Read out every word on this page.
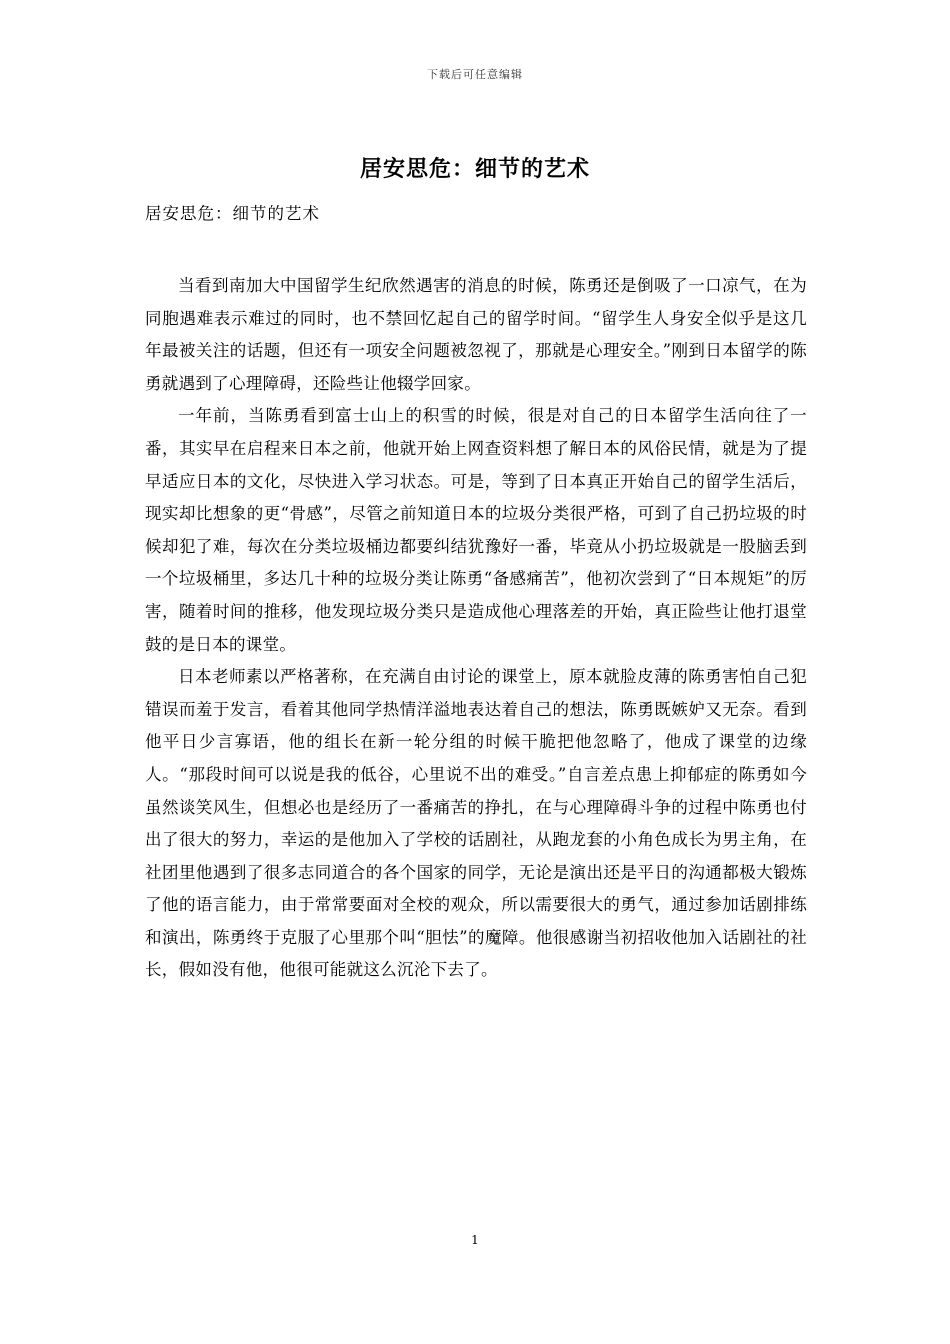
下载后可任意编辑
居安思危：细节的艺术
居安思危：细节的艺术

当看到南加大中国留学生纪欣然遇害的消息的时候，陈勇还是倒吸了一口凉气，在为同胞遇难表示难过的同时，也不禁回忆起自己的留学时间。“留学生人身安全似乎是这几年最被关注的话题，但还有一项安全问题被忽视了，那就是心理安全。”刚到日本留学的陈勇就遇到了心理障碍，还险些让他辍学回家。

一年前，当陈勇看到富士山上的积雪的时候，很是对自己的日本留学生活向往了一番，其实早在启程来日本之前，他就开始上网查资料想了解日本的风俗民情，就是为了提早适应日本的文化，尽快进入学习状态。可是，等到了日本真正开始自己的留学生活后，现实却比想象的更“骨感”，尽管之前知道日本的垃圾分类很严格，可到了自己扔垃圾的时候却犯了难，每次在分类垃圾桶边都要纠结犹豫好一番，毕竟从小扔垃圾就是一股脑丢到一个垃圾桶里，多达几十种的垃圾分类让陈勇“备感痛苦”，他初次尝到了“日本规矩”的厉害，随着时间的推移，他发现垃圾分类只是造成他心理落差的开始，真正险些让他打退堂鼓的是日本的课堂。

日本老师素以严格著称，在充满自由讨论的课堂上，原本就脸皮薄的陈勇害怕自己犯错误而羞于发言，看着其他同学热情洋溢地表达着自己的想法，陈勇既嫉妒又无奈。看到他平日少言寡语，他的组长在新一轮分组的时候干脆把他忽略了，他成了课堂的边缘人。“那段时间可以说是我的低谷，心里说不出的难受。”自言差点患上抑郁症的陈勇如今虽然谈笑风生，但想必也是经历了一番痛苦的挣扎，在与心理障碍斗争的过程中陈勇也付出了很大的努力，幸运的是他加入了学校的话剧社，从跑龙套的小角色成长为男主角，在社团里他遇到了很多志同道合的各个国家的同学，无论是演出还是平日的沟通都极大锻炼了他的语言能力，由于常常要面对全校的观众，所以需要很大的勇气，通过参加话剧排练和演出，陈勇终于克服了心里那个叫“胆怯”的魔障。他很感谢当初招收他加入话剧社的社长，假如没有他，他很可能就这么沉沦下去了。

1
